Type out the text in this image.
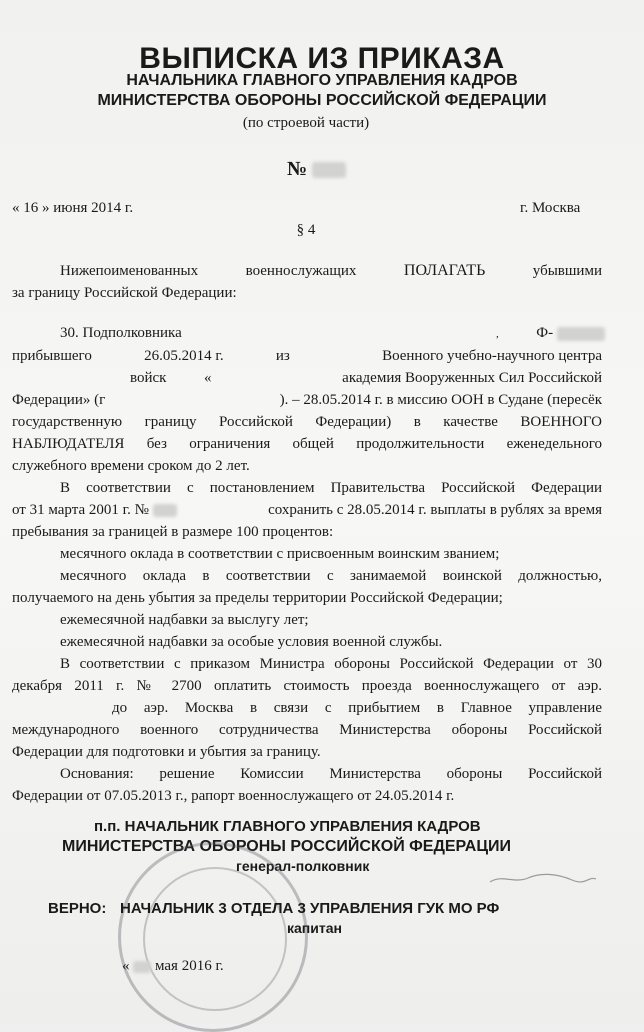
ВЫПИСКА ИЗ ПРИКАЗА
НАЧАЛЬНИКА ГЛАВНОГО УПРАВЛЕНИЯ КАДРОВ
МИНИСТЕРСТВА ОБОРОНЫ РОССИЙСКОЙ ФЕДЕРАЦИИ
(по строевой части)
№
« 16 » июня 2014 г.	г. Москва
§ 4
Нижепоименованных	военнослужащих	ПОЛАГАТЬ	убывшими
за границу Российской Федерации:
30. Подполковника	,	Ф-
прибывшего	26.05.2014 г.	из	Военного учебно-научного центра
войск	«	академия Вооруженных Сил Российской
Федерации» (г	). – 28.05.2014 г. в миссию ООН в Судане (пересёк
государственную границу Российской Федерации) в качестве ВОЕННОГО
НАБЛЮДАТЕЛЯ без ограничения общей продолжительности еженедельного
служебного времени сроком до 2 лет.
В соответствии с постановлением Правительства Российской Федерации
от 31 марта 2001 г. №	сохранить с 28.05.2014 г. выплаты в рублях за время
пребывания за границей в размере 100 процентов:
месячного оклада в соответствии с присвоенным воинским званием;
месячного оклада в соответствии с занимаемой воинской должностью,
получаемого на день убытия за пределы территории Российской Федерации;
ежемесячной надбавки за выслугу лет;
ежемесячной надбавки за особые условия военной службы.
В соответствии с приказом Министра обороны Российской Федерации от 30
декабря 2011 г. № 2700 оплатить стоимость проезда военнослужащего от аэр.
до аэр. Москва в связи с прибытием в Главное управление
международного военного сотрудничества Министерства обороны Российской
Федерации для подготовки и убытия за границу.
Основания: решение Комиссии Министерства обороны Российской
Федерации от 07.05.2013 г., рапорт военнослужащего от 24.05.2014 г.
п.п. НАЧАЛЬНИК ГЛАВНОГО УПРАВЛЕНИЯ КАДРОВ
МИНИСТЕРСТВА ОБОРОНЫ РОССИЙСКОЙ ФЕДЕРАЦИИ
генерал-полковник
ВЕРНО: НАЧАЛЬНИК 3 ОТДЕЛА 3 УПРАВЛЕНИЯ ГУК МО РФ
капитан
« мая 2016 г.
